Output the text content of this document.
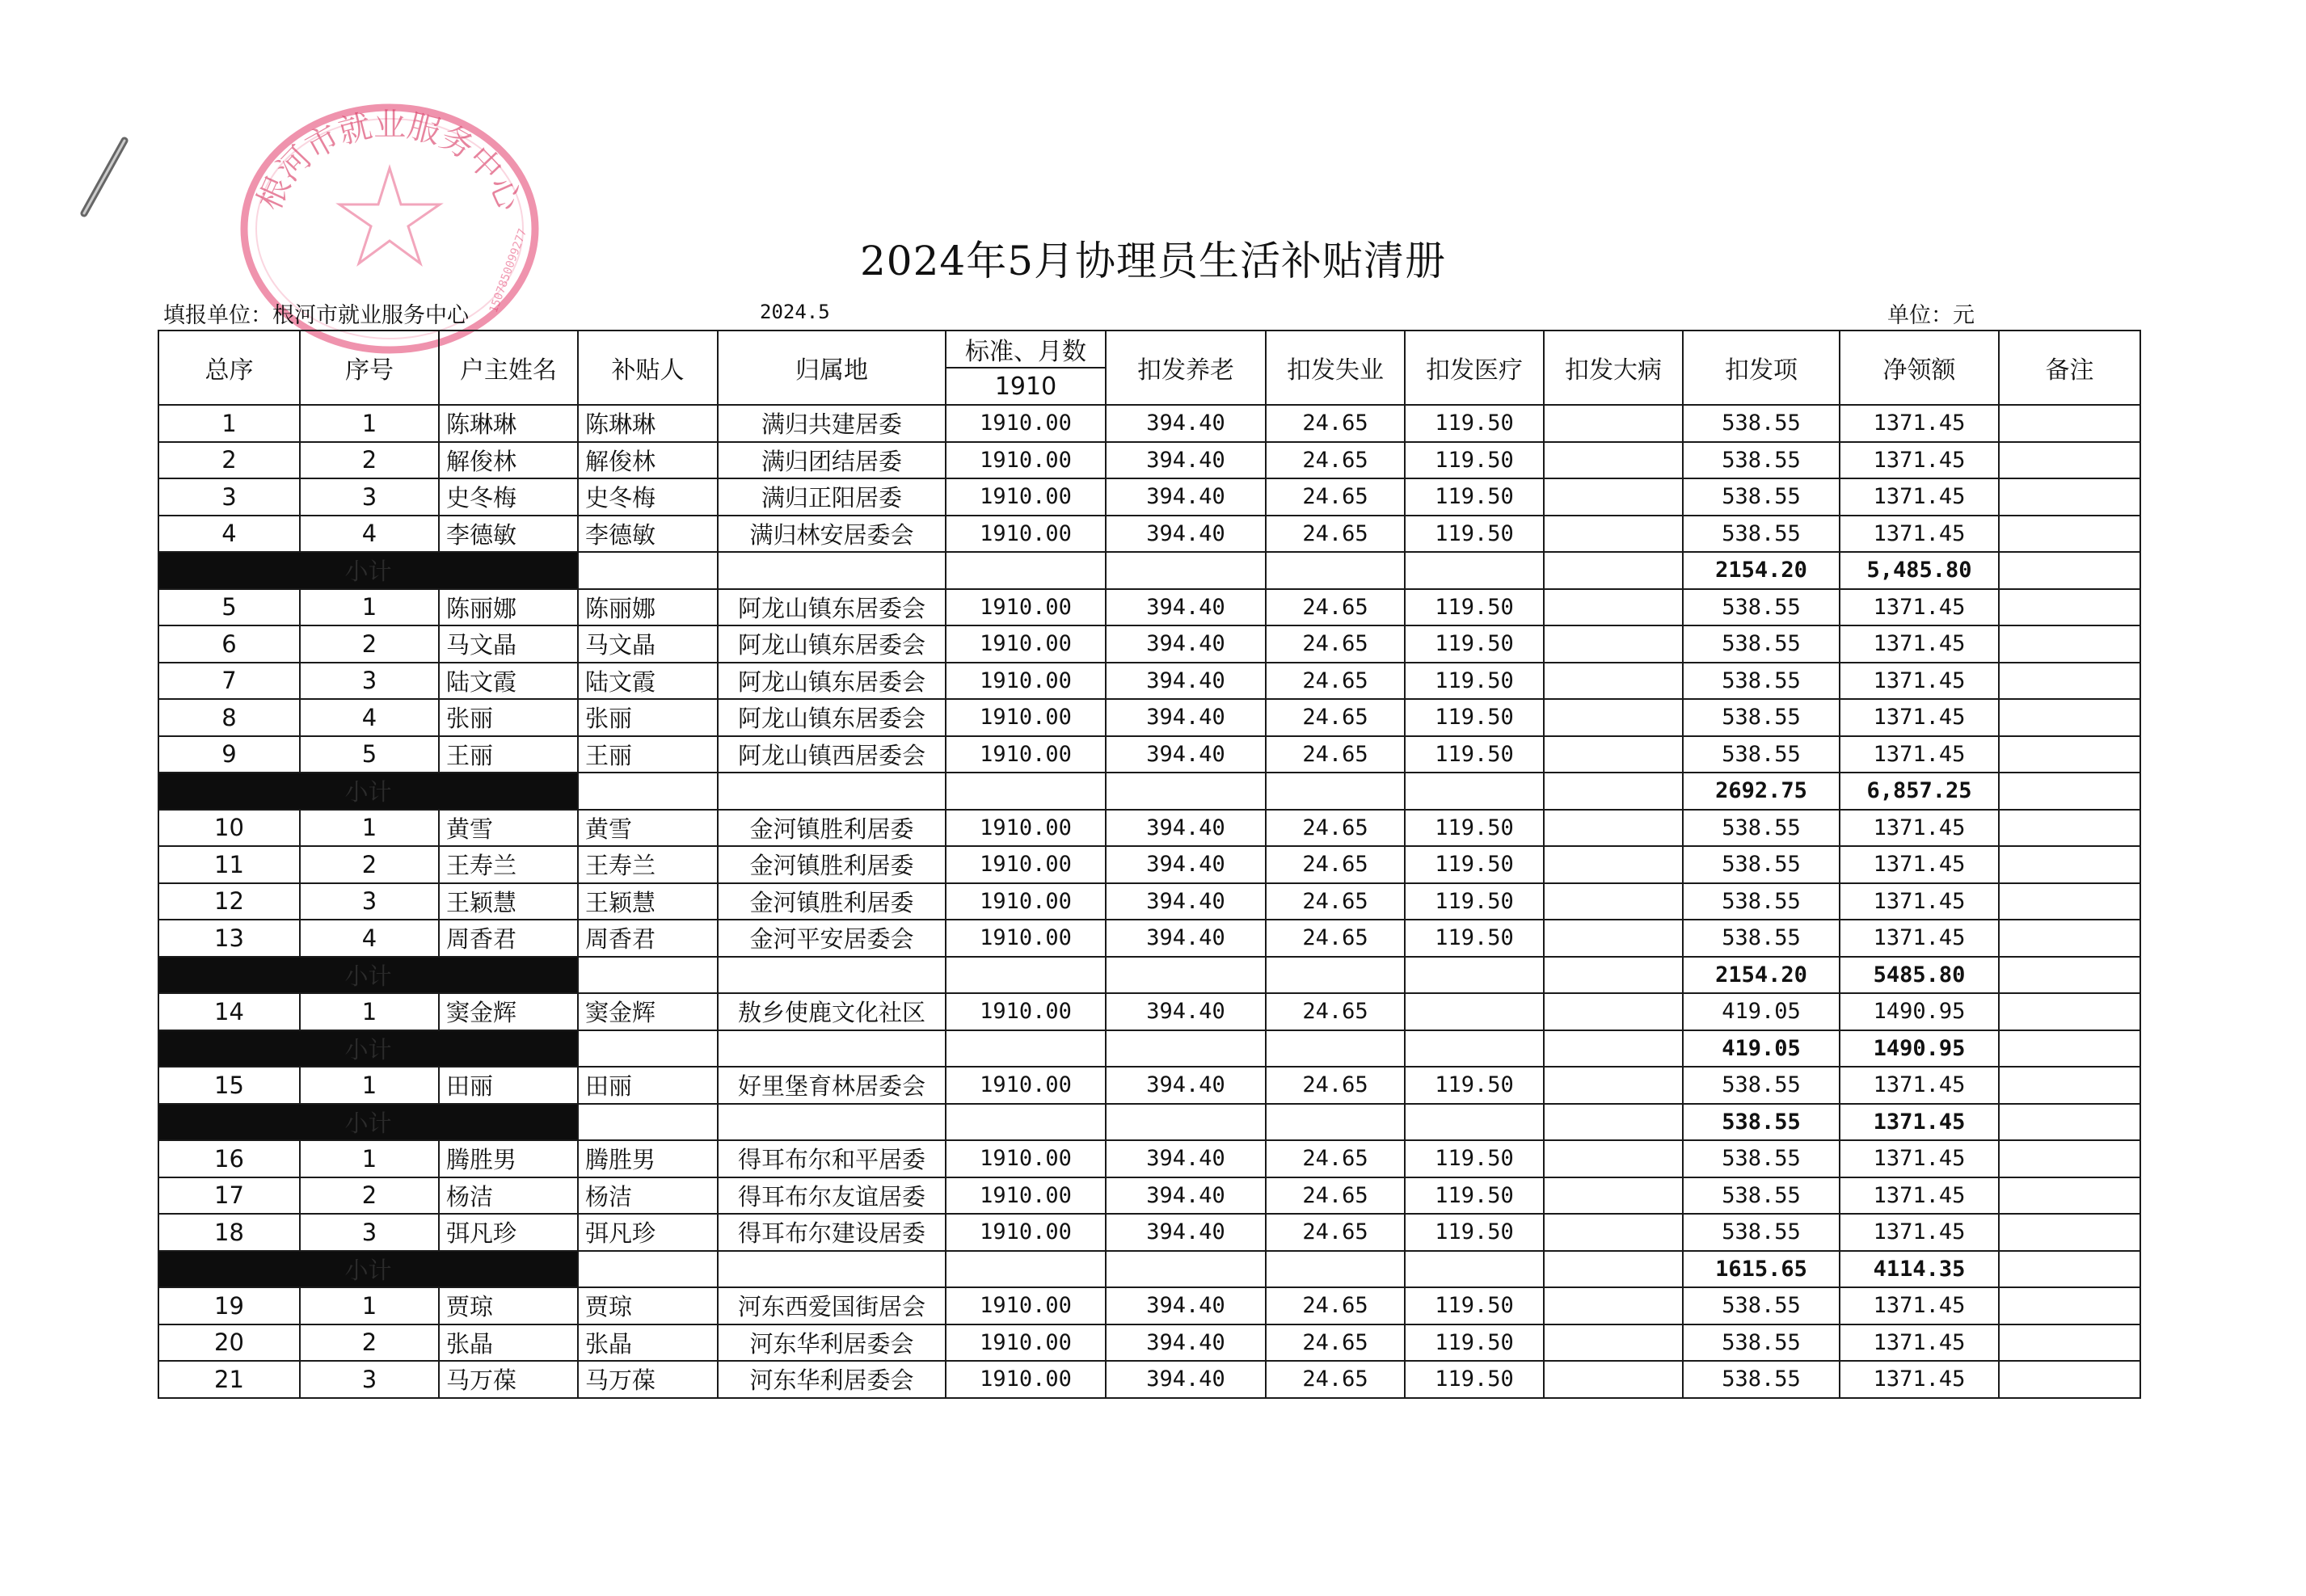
根河市就业服务中心
1507850099277	2024年5月协理员生活补贴清册
填报单位：根河市就业服务中心	2024.5	单位：元
总序	序号	户主姓名	补贴人	归属地	标准、月数	扣发养老	扣发失业	扣发医疗	扣发大病	扣发项	净领额	备注
					1910							
1	1	陈琳琳	陈琳琳	满归共建居委	1910.00	394.40	24.65	119.50		538.55	1371.45	
2	2	解俊林	解俊林	满归团结居委	1910.00	394.40	24.65	119.50		538.55	1371.45	
3	3	史冬梅	史冬梅	满归正阳居委	1910.00	394.40	24.65	119.50		538.55	1371.45	
4	4	李德敏	李德敏	满归林安居委会	1910.00	394.40	24.65	119.50		538.55	1371.45	
小计										2154.20	5,485.80	
5	1	陈丽娜	陈丽娜	阿龙山镇东居委会	1910.00	394.40	24.65	119.50		538.55	1371.45	
6	2	马文晶	马文晶	阿龙山镇东居委会	1910.00	394.40	24.65	119.50		538.55	1371.45	
7	3	陆文霞	陆文霞	阿龙山镇东居委会	1910.00	394.40	24.65	119.50		538.55	1371.45	
8	4	张丽	张丽	阿龙山镇东居委会	1910.00	394.40	24.65	119.50		538.55	1371.45	
9	5	王丽	王丽	阿龙山镇西居委会	1910.00	394.40	24.65	119.50		538.55	1371.45	
小计										2692.75	6,857.25	
10	1	黄雪	黄雪	金河镇胜利居委	1910.00	394.40	24.65	119.50		538.55	1371.45	
11	2	王寿兰	王寿兰	金河镇胜利居委	1910.00	394.40	24.65	119.50		538.55	1371.45	
12	3	王颖慧	王颖慧	金河镇胜利居委	1910.00	394.40	24.65	119.50		538.55	1371.45	
13	4	周香君	周香君	金河平安居委会	1910.00	394.40	24.65	119.50		538.55	1371.45	
小计										2154.20	5485.80	
14	1	窦金辉	窦金辉	敖乡使鹿文化社区	1910.00	394.40	24.65			419.05	1490.95	
小计										419.05	1490.95	
15	1	田丽	田丽	好里堡育林居委会	1910.00	394.40	24.65	119.50		538.55	1371.45	
小计										538.55	1371.45	
16	1	腾胜男	腾胜男	得耳布尔和平居委	1910.00	394.40	24.65	119.50		538.55	1371.45	
17	2	杨洁	杨洁	得耳布尔友谊居委	1910.00	394.40	24.65	119.50		538.55	1371.45	
18	3	弭凡珍	弭凡珍	得耳布尔建设居委	1910.00	394.40	24.65	119.50		538.55	1371.45	
小计										1615.65	4114.35	
19	1	贾琼	贾琼	河东西爱国街居会	1910.00	394.40	24.65	119.50		538.55	1371.45	
20	2	张晶	张晶	河东华利居委会	1910.00	394.40	24.65	119.50		538.55	1371.45	
21	3	马万葆	马万葆	河东华利居委会	1910.00	394.40	24.65	119.50		538.55	1371.45	
